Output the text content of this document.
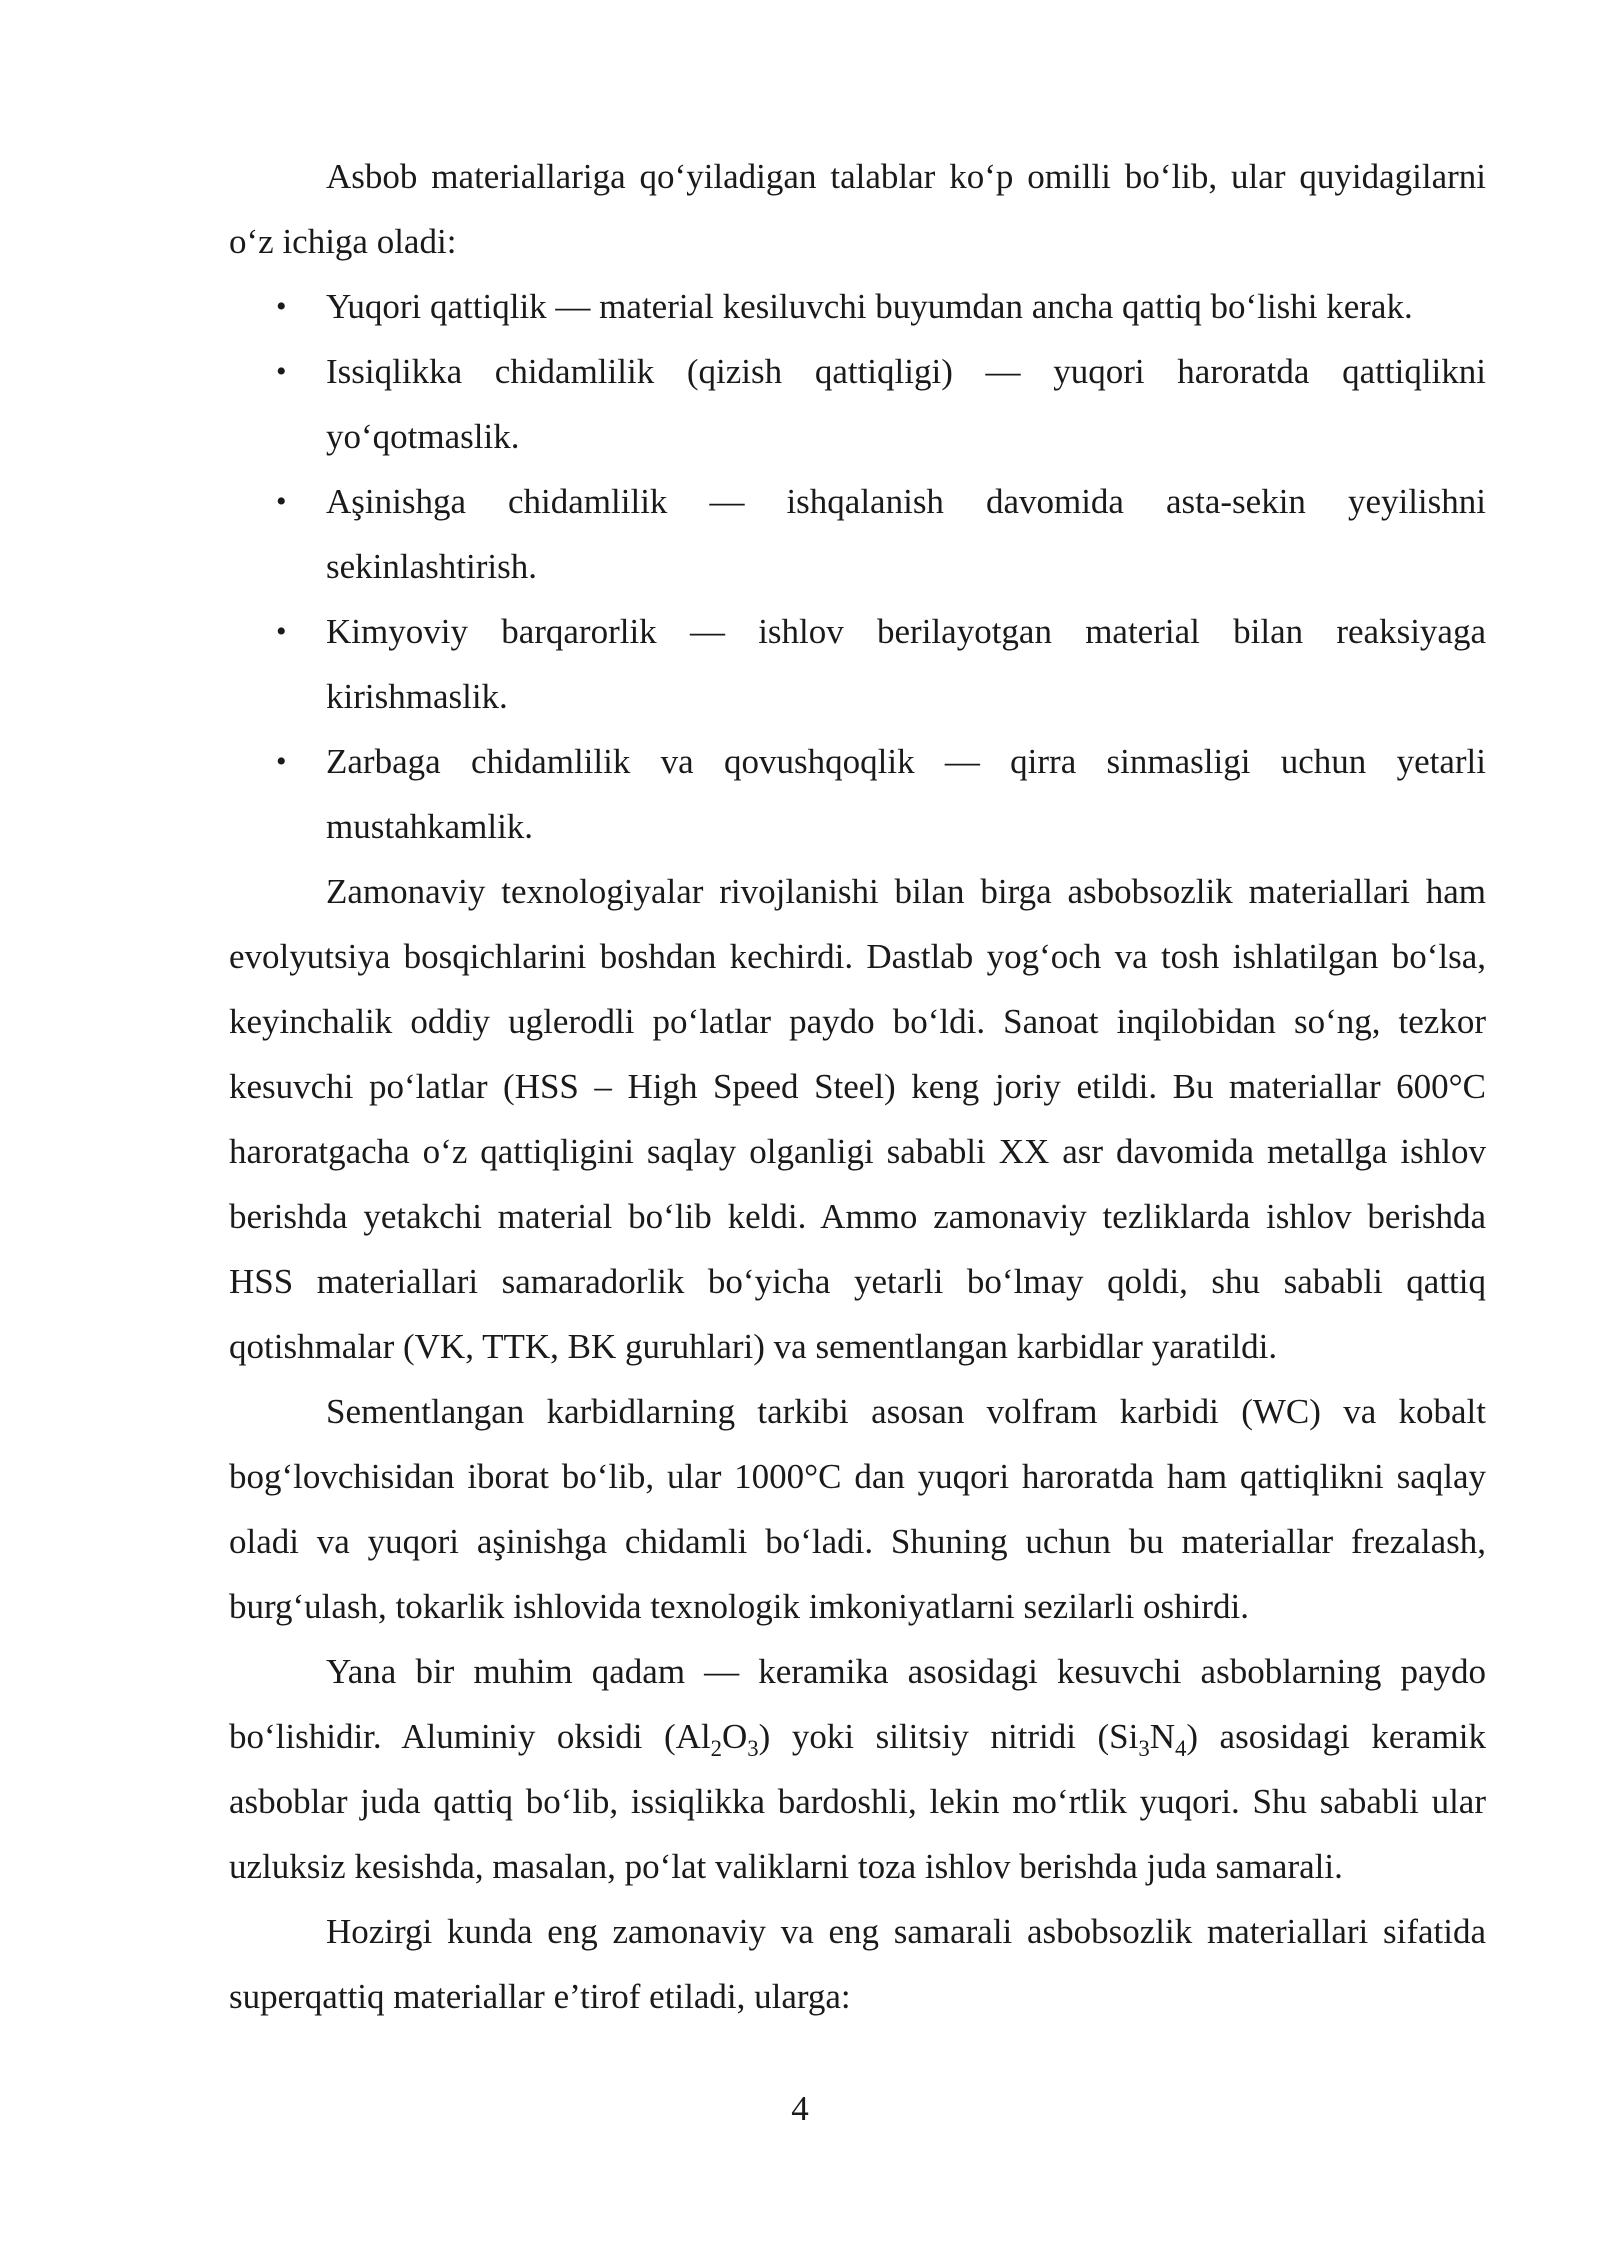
Asbob materiallariga qo‘yiladigan talablar ko‘p omilli bo‘lib, ular quyidagilarni o‘z ichiga oladi:

• Yuqori qattiqlik — material kesiluvchi buyumdan ancha qattiq bo‘lishi kerak.
• Issiqlikka chidamlilik (qizish qattiqligi) — yuqori haroratda qattiqlikni yo‘qotmaslik.
• Aşinishga chidamlilik — ishqalanish davomida asta-sekin yeyilishni sekinlashtirish.
• Kimyoviy barqarorlik — ishlov berilayotgan material bilan reaksiyaga kirishmaslik.
• Zarbaga chidamlilik va qovushqoqlik — qirra sinmasligi uchun yetarli mustahkamlik.

Zamonaviy texnologiyalar rivojlanishi bilan birga asbobsozlik materiallari ham evolyutsiya bosqichlarini boshdan kechirdi. Dastlab yog‘och va tosh ishlatilgan bo‘lsa, keyinchalik oddiy uglerodli po‘latlar paydo bo‘ldi. Sanoat inqilobidan so‘ng, tezkor kesuvchi po‘latlar (HSS – High Speed Steel) keng joriy etildi. Bu materiallar 600°C haroratgacha o‘z qattiqligini saqlay olganligi sababli XX asr davomida metallga ishlov berishda yetakchi material bo‘lib keldi. Ammo zamonaviy tezliklarda ishlov berishda HSS materiallari samaradorlik bo‘yicha yetarli bo‘lmay qoldi, shu sababli qattiq qotishmalar (VK, TTK, BK guruhlari) va sementlangan karbidlar yaratildi.

Sementlangan karbidlarning tarkibi asosan volfram karbidi (WC) va kobalt bog‘lovchisidan iborat bo‘lib, ular 1000°C dan yuqori haroratda ham qattiqlikni saqlay oladi va yuqori aşinishga chidamli bo‘ladi. Shuning uchun bu materiallar frezalash, burg‘ulash, tokarlik ishlovida texnologik imkoniyatlarni sezilarli oshirdi.

Yana bir muhim qadam — keramika asosidagi kesuvchi asboblarning paydo bo‘lishidir. Aluminiy oksidi $(Al_2O_3)$ yoki silitsiy nitridi $(Si_3N_4)$ asosidagi keramik asboblar juda qattiq bo‘lib, issiqlikka bardoshli, lekin mo‘rtlik yuqori. Shu sababli ular uzluksiz kesishda, masalan, po‘lat valiklarni toza ishlov berishda juda samarali.

Hozirgi kunda eng zamonaviy va eng samarali asbobsozlik materiallari sifatida superqattiq materiallar e’tirof etiladi, ularga:

4
